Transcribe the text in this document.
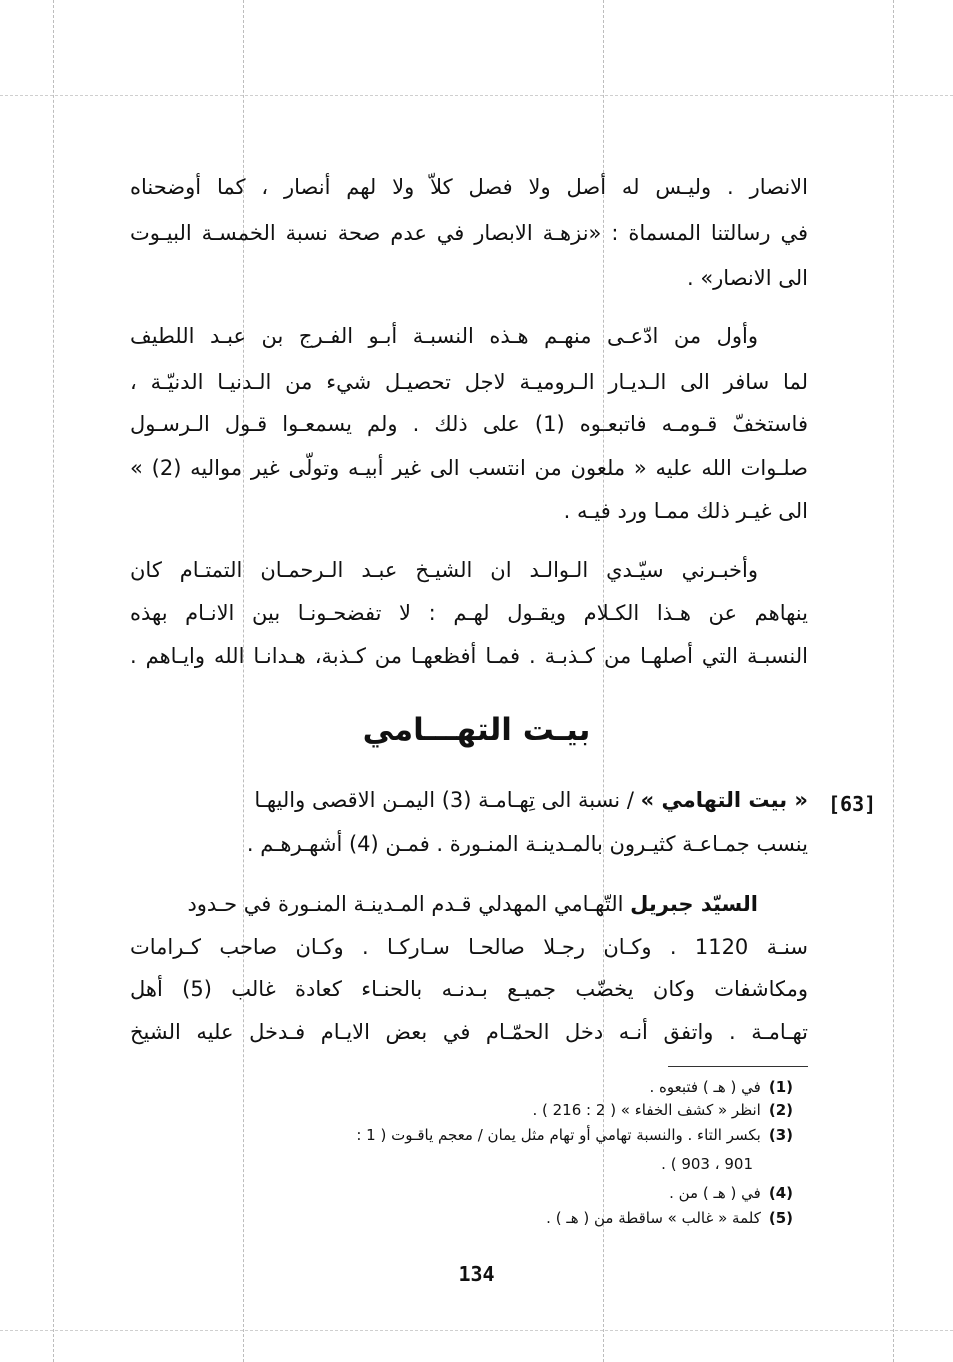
الانصار . وليـس له أصل ولا فصل كلاّ ولا لهم أنصار ، كما أوضحناه
في رسالتنا المسماة : «نزهـة الابصار في عدم صحة نسبة الخمسـة البيـوت
الى الانصار» .
وأول من ادّعـى منهـم هـذه النسبـة أبـو الفـرج بن عبـد اللطيف
لما سافر الى الـديـار الـروميـة لاجل تحصيـل شيء من الـدنيـا الدنيّـة ،
فاستخفّ قـومـه فاتبعـوه (1) على ذلك . ولم يسمعـوا قـول الـرسـول
صلـوات الله عليه « ملعون من انتسب الى غير أبيـه وتولّى غير مواليه (2) »
الى غيـر ذلك ممـا ورد فيـه .
وأخبـرني سيّـدي الـوالـد ان الشيـخ عبـد الـرحمـان التمتـام كان
ينهاهم عن هـذا الكـلام ويقـول لهـم : لا تفضحـونـا بين الانـام بهذه
النسبـة التي أصلهـا من كـذبـة . فمـا أفظعهـا من كـذبة، هـدانـا الله وايـاهم .
بيـت التهـــامي
[63]
« بيت التهامي » / نسبة الى تِهـامـة (3) اليمـن الاقصى واليهـا
ينسب جمـاعـة كثيـرون بالمـدينـة المنـورة . فمـن (4) أشهـرهـم .
السيّد جبريل التّهـامي المهدلي قـدم المـدينـة المنـورة في حـدود
سنـة 1120 . وكـان رجـلا صالحـا سـاركـا . وكـان صاحب كـرامات
ومكاشفات وكان يخضّب جميـع بـدنـه بالحنـاء كعادة غالب (5) أهل
تهـامـة . واتفق أنـه دخل الحمّـام في بعض الايـام فـدخل عليه الشيخ
(1)في ( هـ ) فتبعوه .
(2)انظر « كشف الخفاء » ( 2 : 216 ) .
(3)بكسر التاء . والنسبة تهامي أو تهام مثل يمان / معجم ياقـوت ( 1 :
901 ، 903 ) .
(4)في ( هـ ) من .
(5)كلمة « غالب » ساقطة من ( هـ ) .
134
